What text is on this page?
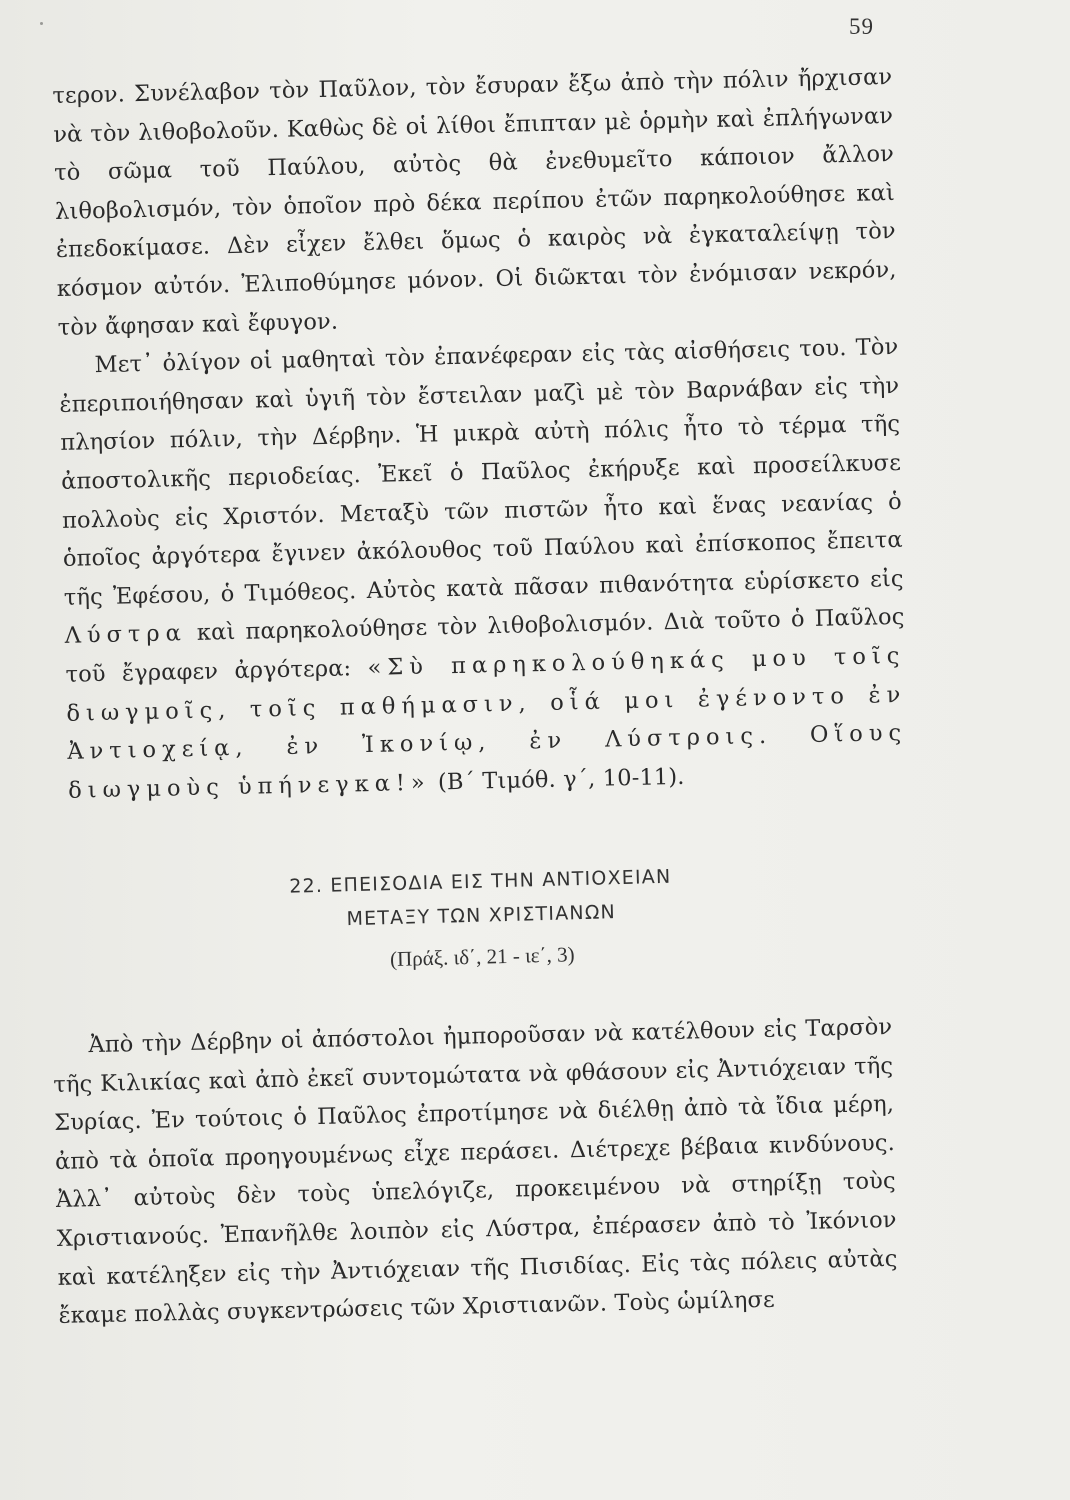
59

τερον. Συνέλαβον τὸν Παῦλον, τὸν ἔσυραν ἔξω ἀπὸ τὴν πόλιν ἤρχισαν νὰ τὸν λιθοβολοῦν. Καθὼς δὲ οἱ λίθοι ἔπιπταν μὲ ὁρμὴν καὶ ἐπλήγωναν τὸ σῶμα τοῦ Παύλου, αὐτὸς θὰ ἐνεθυμεῖτο κάποιον ἄλλον λιθοβολισμόν, τὸν ὁποῖον πρὸ δέκα περίπου ἐτῶν παρηκολούθησε καὶ ἐπεδοκίμασε. Δὲν εἶχεν ἔλθει ὅμως ὁ καιρὸς νὰ ἐγκαταλείψῃ τὸν κόσμον αὐτόν. Ἐλιποθύμησε μόνον. Οἱ διῶκται τὸν ἐνόμισαν νεκρόν, τὸν ἄφησαν καὶ ἔφυγον.

Μετ᾽ ὀλίγον οἱ μαθηταὶ τὸν ἐπανέφεραν εἰς τὰς αἰσθήσεις του. Τὸν ἐπεριποιήθησαν καὶ ὑγιῆ τὸν ἔστειλαν μαζὶ μὲ τὸν Βαρνάβαν εἰς τὴν πλησίον πόλιν, τὴν Δέρβην. Ἡ μικρὰ αὐτὴ πόλις ἦτο τὸ τέρμα τῆς ἀποστολικῆς περιοδείας. Ἐκεῖ ὁ Παῦλος ἐκήρυξε καὶ προσείλκυσε πολλοὺς εἰς Χριστόν. Μεταξὺ τῶν πιστῶν ἦτο καὶ ἕνας νεανίας ὁ ὁποῖος ἀργότερα ἔγινεν ἀκόλουθος τοῦ Παύλου καὶ ἐπίσκοπος ἔπειτα τῆς Ἐφέσου, ὁ Τιμόθεος. Αὐτὸς κατὰ πᾶσαν πιθανότητα εὑρίσκετο εἰς Λύστρα καὶ παρηκολούθησε τὸν λιθοβολισμόν. Διὰ τοῦτο ὁ Παῦλος τοῦ ἔγραφεν ἀργότερα: «Σὺ παρηκολούθηκάς μου τοῖς διωγμοῖς, τοῖς παθήμασιν, οἷά μοι ἐγένοντο ἐν Ἀντιοχείᾳ, ἐν Ἰκονίῳ, ἐν Λύστροις. Οἵους διωγμοὺς ὑπήνεγκα!» (Β΄ Τιμόθ. γ΄, 10-11).

22. ΕΠΕΙΣΟΔΙΑ ΕΙΣ ΤΗΝ ΑΝΤΙΟΧΕΙΑΝ
ΜΕΤΑΞΥ ΤΩΝ ΧΡΙΣΤΙΑΝΩΝ
(Πράξ. ιδ΄, 21 - ιε΄, 3)

Ἀπὸ τὴν Δέρβην οἱ ἀπόστολοι ἠμποροῦσαν νὰ κατέλθουν εἰς Ταρσὸν τῆς Κιλικίας καὶ ἀπὸ ἐκεῖ συντομώτατα νὰ φθάσουν εἰς Ἀντιόχειαν τῆς Συρίας. Ἐν τούτοις ὁ Παῦλος ἐπροτίμησε νὰ διέλθῃ ἀπὸ τὰ ἴδια μέρη, ἀπὸ τὰ ὁποῖα προηγουμένως εἶχε περάσει. Διέτρεχε βέβαια κινδύνους. Ἀλλ᾽ αὐτοὺς δὲν τοὺς ὑπελόγιζε, προκειμένου νὰ στηρίξῃ τοὺς Χριστιανούς. Ἐπανῆλθε λοιπὸν εἰς Λύστρα, ἐπέρασεν ἀπὸ τὸ Ἰκόνιον καὶ κατέληξεν εἰς τὴν Ἀντιόχειαν τῆς Πισιδίας. Εἰς τὰς πόλεις αὐτὰς ἔκαμε πολλὰς συγκεντρώσεις τῶν Χριστιανῶν. Τοὺς ὡμίλησε
